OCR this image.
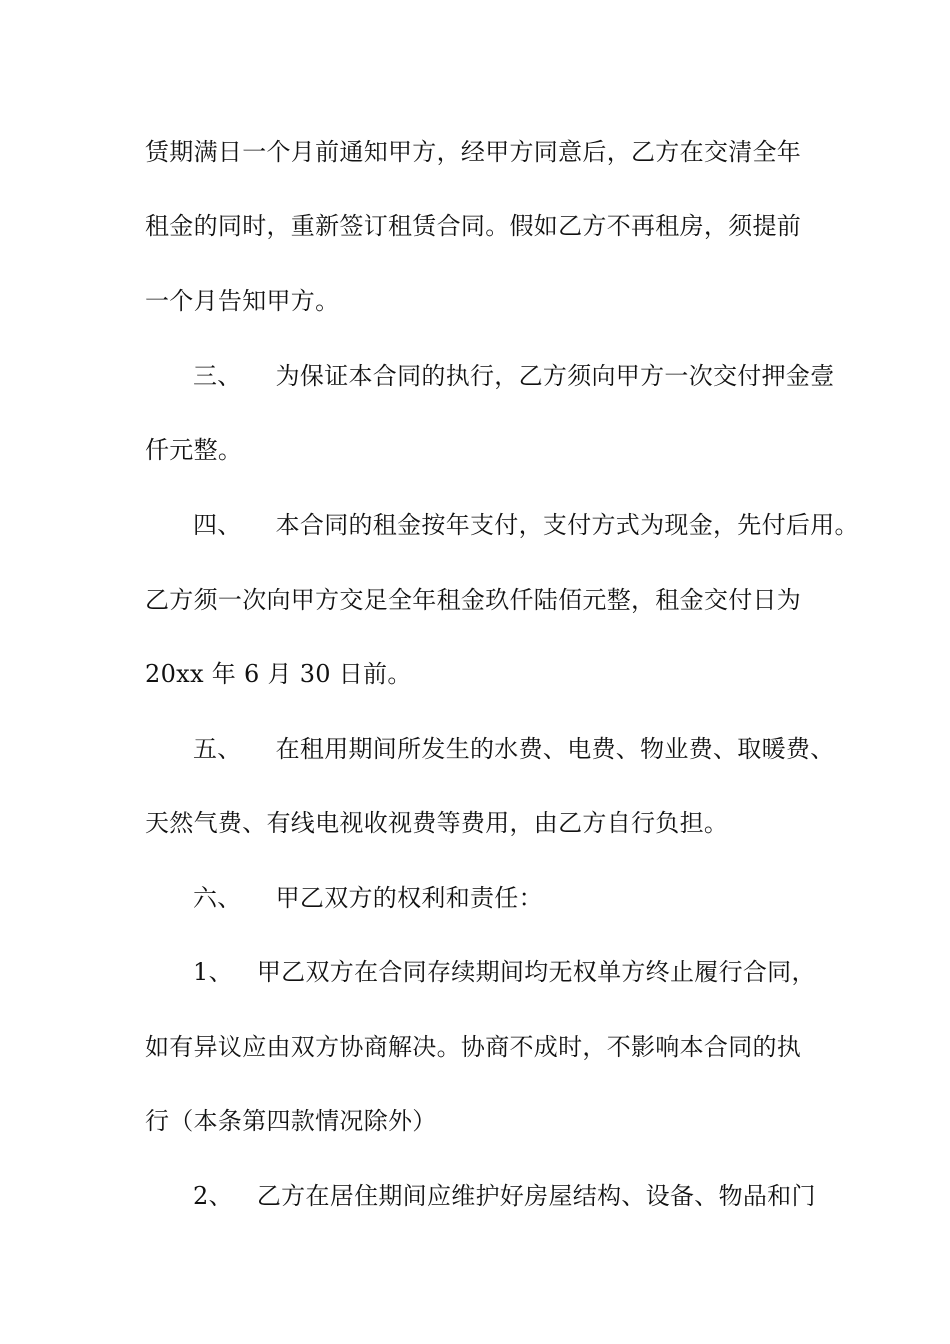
赁期满日一个月前通知甲方，经甲方同意后，乙方在交清全年
租金的同时，重新签订租赁合同。假如乙方不再租房，须提前
一个月告知甲方。
三、 为保证本合同的执行，乙方须向甲方一次交付押金壹
仟元整。
四、 本合同的租金按年支付，支付方式为现金，先付后用。
乙方须一次向甲方交足全年租金玖仟陆佰元整，租金交付日为
20xx 年 6 月 30 日前。
五、 在租用期间所发生的水费、电费、物业费、取暖费、
天然气费、有线电视收视费等费用，由乙方自行负担。
六、 甲乙双方的权利和责任：
1、 甲乙双方在合同存续期间均无权单方终止履行合同，
如有异议应由双方协商解决。协商不成时，不影响本合同的执
行（本条第四款情况除外）
2、 乙方在居住期间应维护好房屋结构、设备、物品和门
